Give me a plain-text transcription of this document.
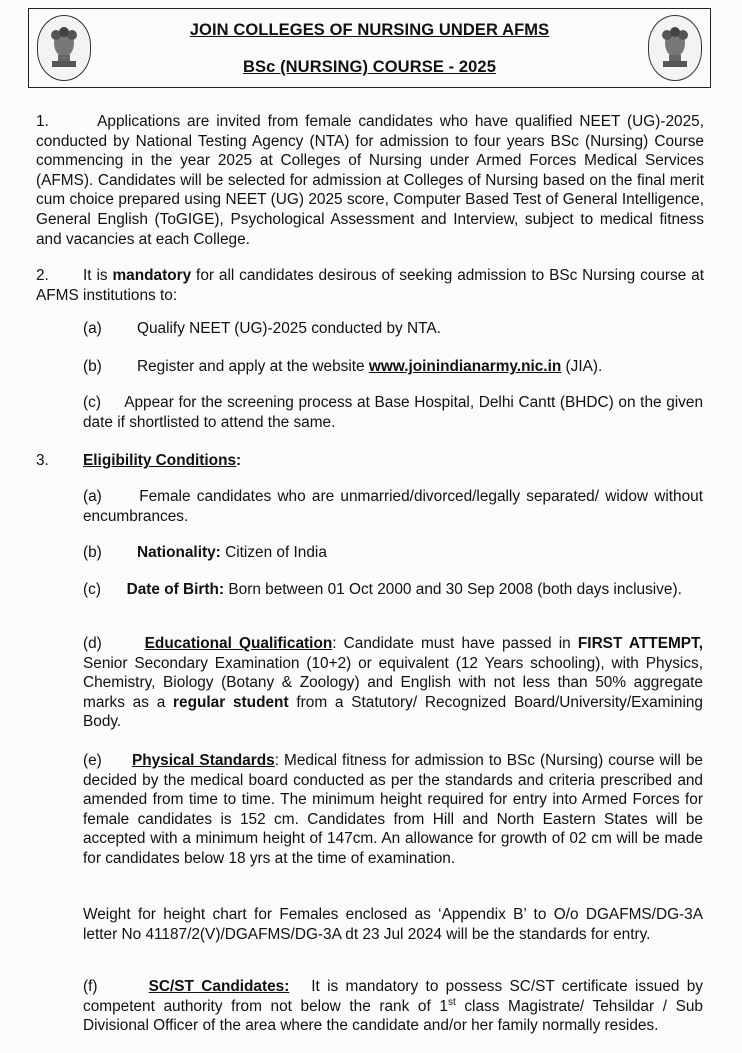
JOIN COLLEGES OF NURSING UNDER AFMS
BSc (NURSING) COURSE - 2025
1.	Applications are invited from female candidates who have qualified NEET (UG)-2025, conducted by National Testing Agency (NTA) for admission to four years BSc (Nursing) Course commencing in the year 2025 at Colleges of Nursing under Armed Forces Medical Services (AFMS). Candidates will be selected for admission at Colleges of Nursing based on the final merit cum choice prepared using NEET (UG) 2025 score, Computer Based Test of General Intelligence, General English (ToGIGE), Psychological Assessment and Interview, subject to medical fitness and vacancies at each College.
2. It is mandatory for all candidates desirous of seeking admission to BSc Nursing course at AFMS institutions to:
(a) Qualify NEET (UG)-2025 conducted by NTA.
(b) Register and apply at the website www.joinindianarmy.nic.in (JIA).
(c) Appear for the screening process at Base Hospital, Delhi Cantt (BHDC) on the given date if shortlisted to attend the same.
3. Eligibility Conditions:
(a) Female candidates who are unmarried/divorced/legally separated/ widow without encumbrances.
(b) Nationality: Citizen of India
(c) Date of Birth: Born between 01 Oct 2000 and 30 Sep 2008 (both days inclusive).
(d)	Educational Qualification: Candidate must have passed in FIRST ATTEMPT, Senior Secondary Examination (10+2) or equivalent (12 Years schooling), with Physics, Chemistry, Biology (Botany & Zoology) and English with not less than 50% aggregate marks as a regular student from a Statutory/ Recognized Board/University/Examining Body.
(e) Physical Standards: Medical fitness for admission to BSc (Nursing) course will be decided by the medical board conducted as per the standards and criteria prescribed and amended from time to time. The minimum height required for entry into Armed Forces for female candidates is 152 cm. Candidates from Hill and North Eastern States will be accepted with a minimum height of 147cm. An allowance for growth of 02 cm will be made for candidates below 18 yrs at the time of examination.
Weight for height chart for Females enclosed as ‘Appendix B’ to O/o DGAFMS/DG-3A letter No 41187/2(V)/DGAFMS/DG-3A dt 23 Jul 2024 will be the standards for entry.
(f)	SC/ST Candidates: It is mandatory to possess SC/ST certificate issued by competent authority from not below the rank of 1st class Magistrate/ Tehsildar / Sub Divisional Officer of the area where the candidate and/or her family normally resides.
